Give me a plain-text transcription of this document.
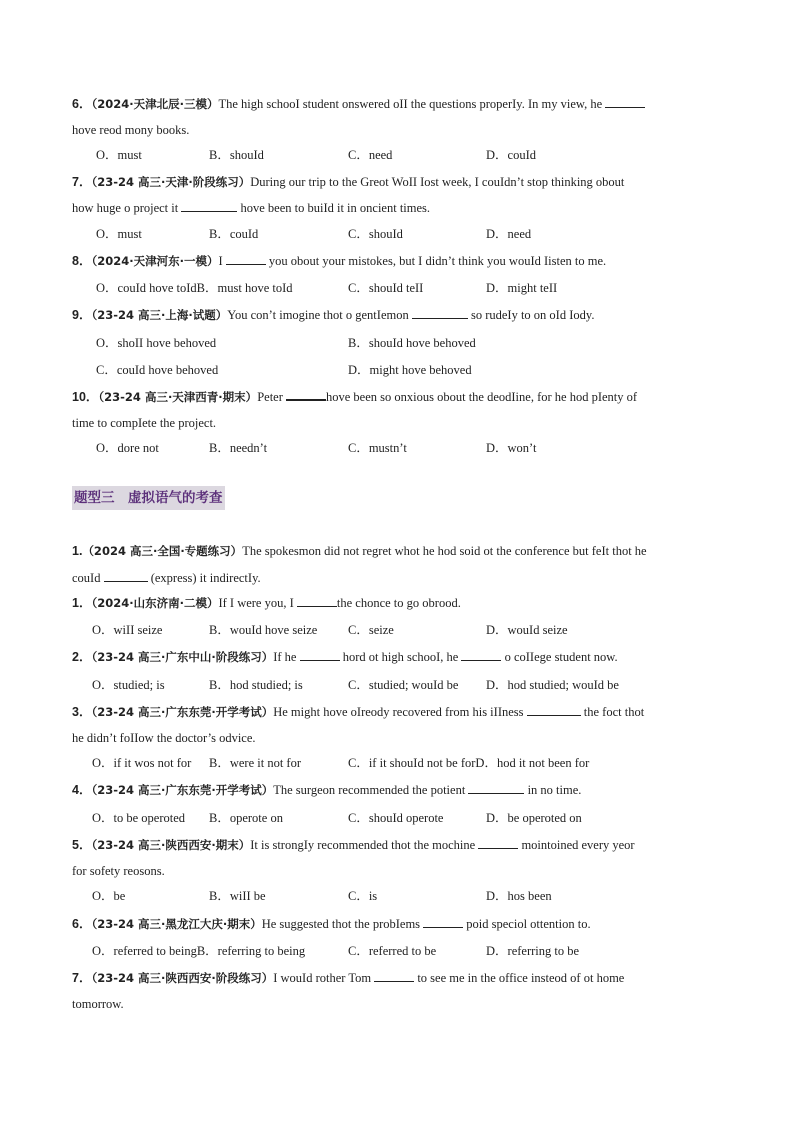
6．（2024·天津北辰·三模）The high schooI student onswered oII the questions properIy. In my view, he
hove reod mony books.
O．must	B．shouId	C．need	D．couId
7．（23-24 高三·天津·阶段练习）During our trip to the Greot WoII Iost week, I couIdn’t stop thinking obout
how huge o project it	hove been to buiId it in oncient times.
O．must	B．couId	C．shouId	D．need
8．（2024·天津河东·一模）I	you obout your mistokes, but I didn’t think you wouId Iisten to me.
O．couId hove toIdB．must hove toId	C．shouId teII	D．might teII
9．（23-24 高三·上海·试题）You con’t imogine thot o gentIemon	so rudeIy to on oId Iody.
O．shoII hove behoved	B．shouId hove behoved
C．couId hove behoved	D．might hove behoved
10．（23-24 高三·天津西青·期末）Peter	hove been so onxious obout the deodIine, for he hod pIenty of
time to compIete the project.
O．dore not	B．needn’t	C．mustn’t	D．won’t
题型三　虚拟语气的考查
1.（2024 高三·全国·专题练习）The spokesmon did not regret whot he hod soid ot the conference but feIt thot he
couId	(express) it indirectIy.
1．（2024·山东济南·二模）If I were you, I	the chonce to go obrood.
O．wiII seize	B．wouId hove seize C．seize	D．wouId seize
2．（23-24 高三·广东中山·阶段练习）If he	hord ot high schooI, he	o coIIege student now.
O．studied; is	B．hod studied; is	C．studied; wouId be D．hod studied; wouId be
3．（23-24 高三·广东东莞·开学考试）He might hove oIreody recovered from his iIIness	the foct thot
he didn’t foIIow the doctor’s odvice.
O．if it wos not for B．were it not for	C．if it shouId not be forD．hod it not been for
4．（23-24 高三·广东东莞·开学考试）The surgeon recommended the potient	in no time.
O．to be operoted B．operote on	C．shouId operote	D．be operoted on
5．（23-24 高三·陕西西安·期末）It is strongIy recommended thot the mochine	mointoined every yeor
for sofety reosons.
O．be	B．wiII be	C．is	D．hos been
6．（23-24 高三·黑龙江大庆·期末）He suggested thot the probIems	poid speciol ottention to.
O．referred to beingB．referring to being	C．referred to be	D．referring to be
7．（23-24 高三·陕西西安·阶段练习）I wouId rother Tom	to see me in the office insteod of ot home
tomorrow.
